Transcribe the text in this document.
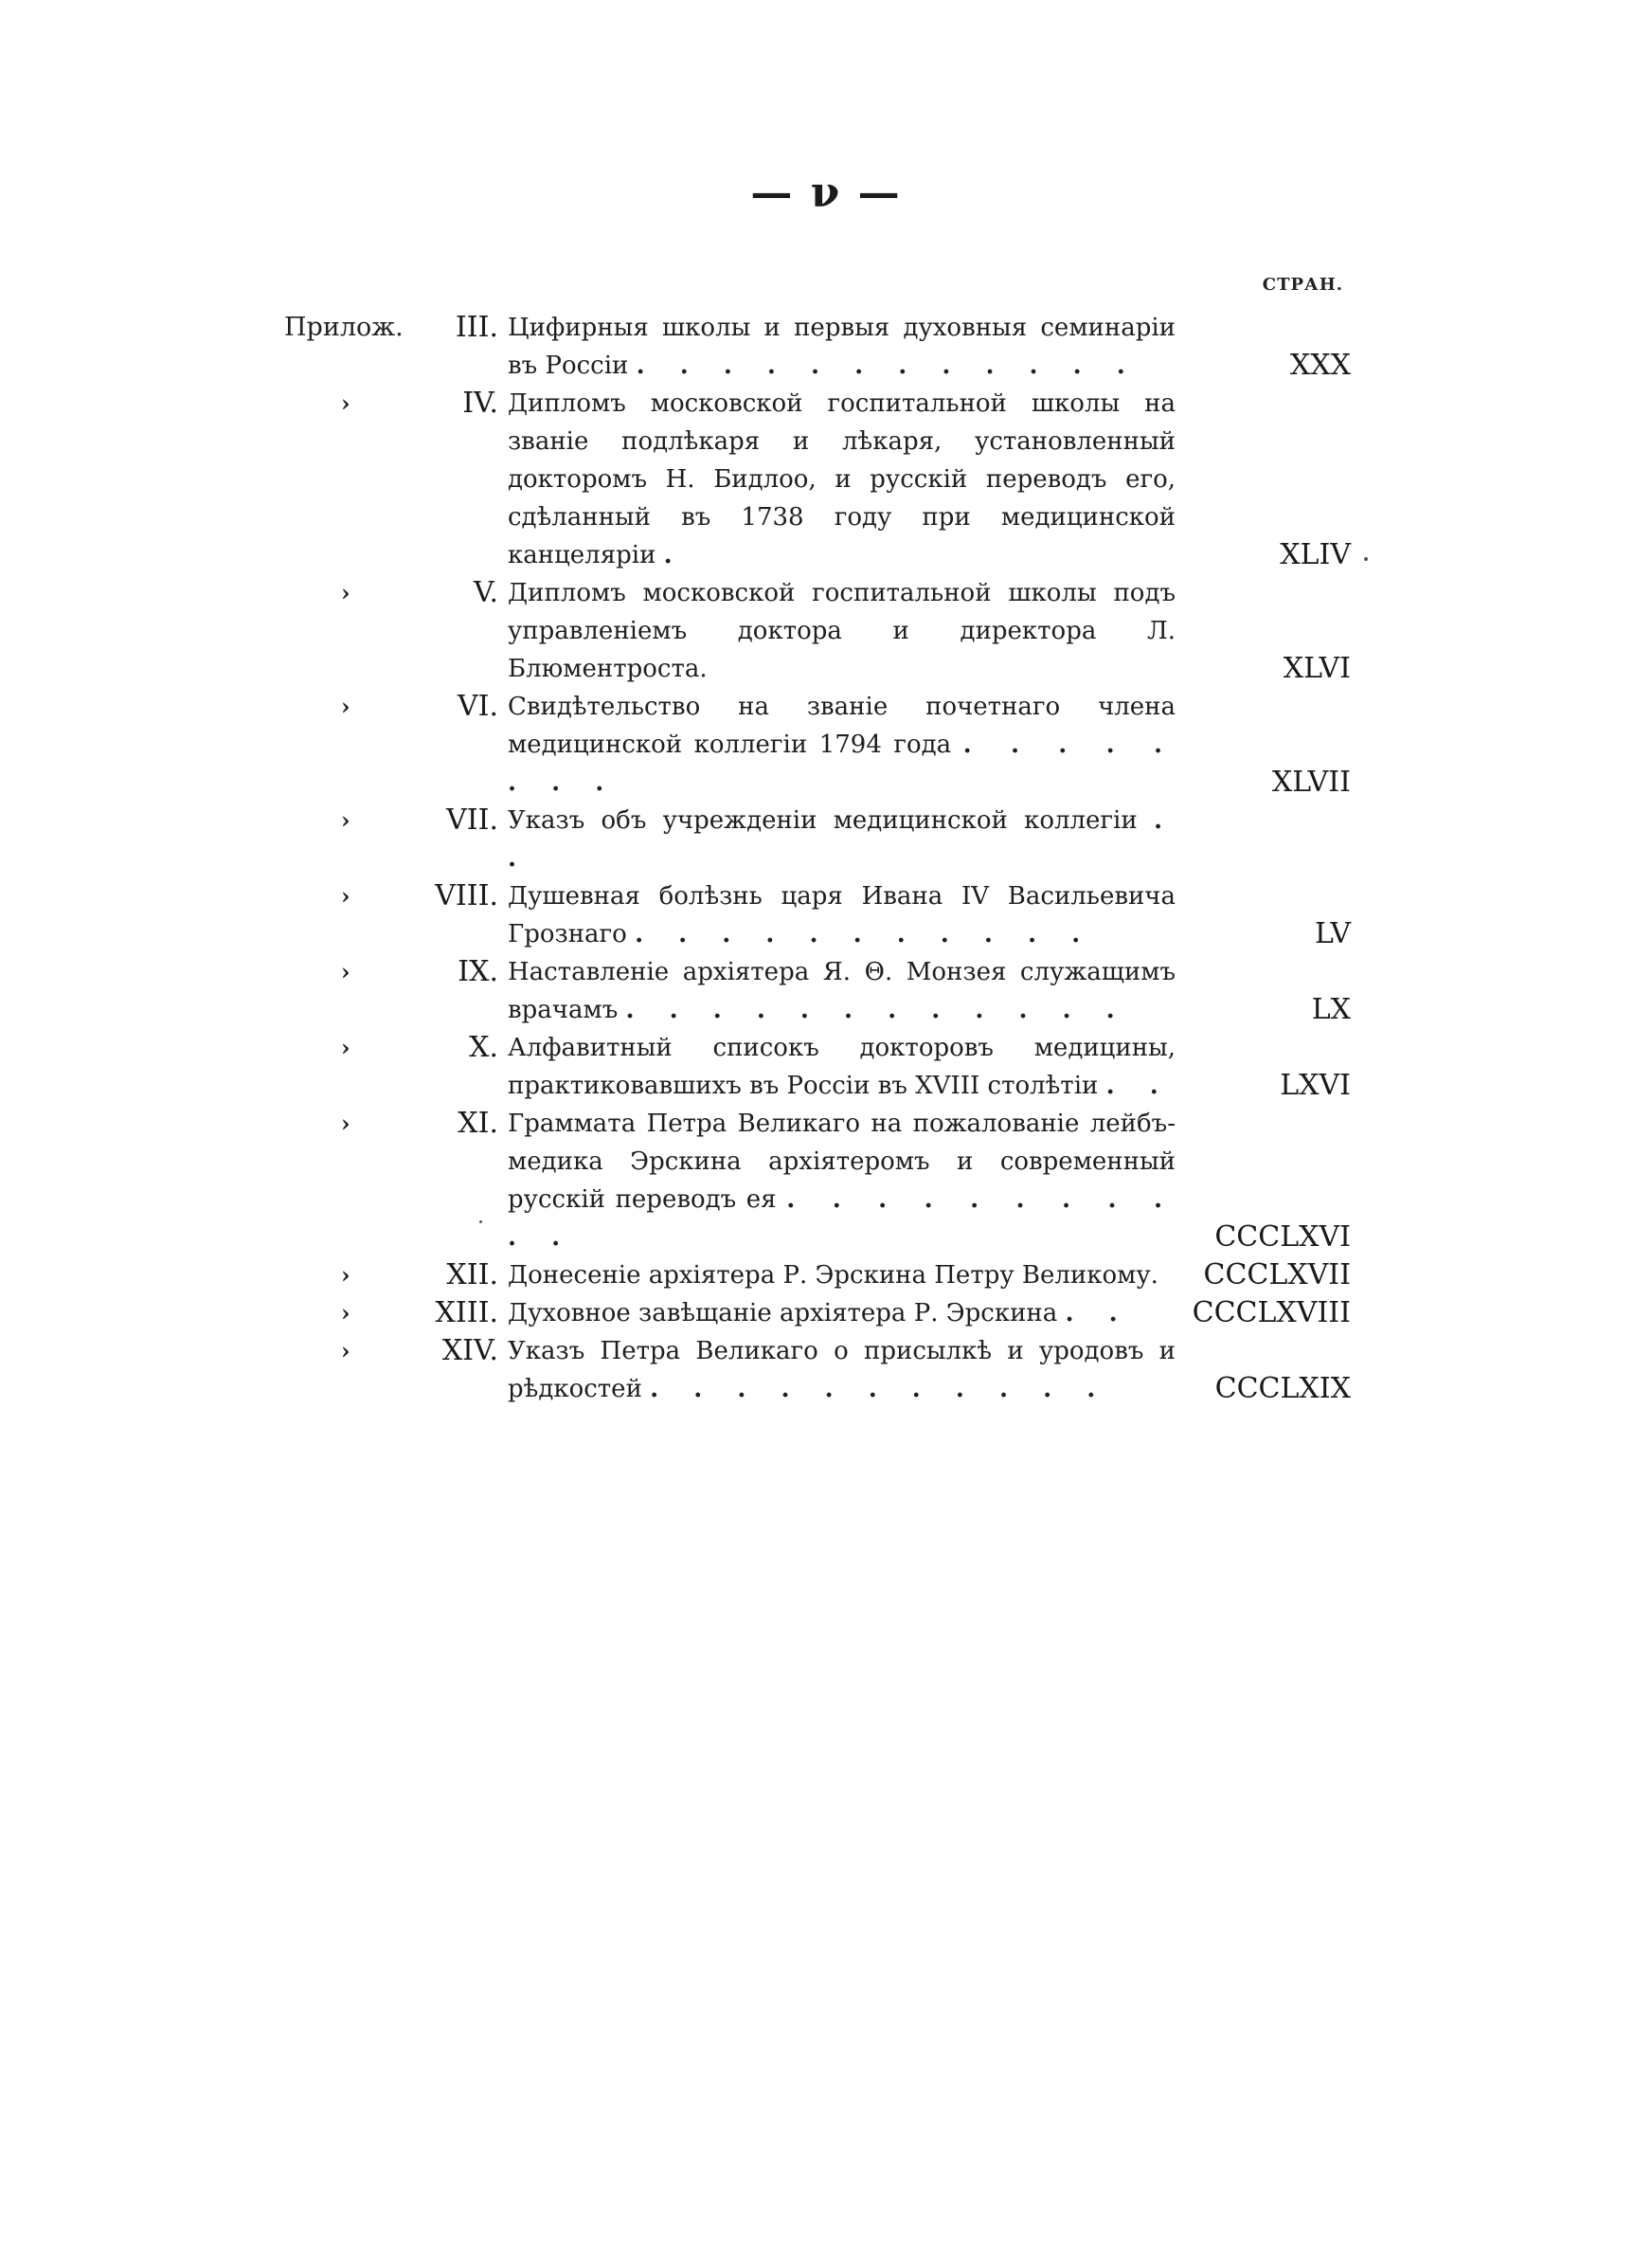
— ν —
СТРАН.
Прилож.	III. Цифирныя школы и первыя духовныя семинаріи въ Россіи . . . . . . . . . . . .	XXX
›	IV. Дипломъ московской госпитальной школы на званіе подлѣкаря и лѣкаря, установленный докторомъ Н. Бидлоо, и русскій переводъ его, сдѣланный въ 1738 году при медицинской канцеляріи .	XLIV
›	V. Дипломъ московской госпитальной школы подъ управленіемъ доктора и директора Л. Блюментроста.	XLVI
›	VI. Свидѣтельство на званіе почетнаго члена медицинской коллегіи 1794 года . . . . . . . .	XLVII
›	VII. Указъ объ учрежденіи медицинской коллегіи . .
›	VIII. Душевная болѣзнь царя Ивана IV Васильевича Грознаго . . . . . . . . . . .	LV
›	IX. Наставленіе архіятера Я. Θ. Монзея служащимъ врачамъ . . . . . . . . . . . .	LX
›	X. Алфавитный списокъ докторовъ медицины, практиковавшихъ въ Россіи въ XVIII столѣтіи . .	LXVI
›	XI. Граммата Петра Великаго на пожалованіе лейбъ-медика Эрскина архіятеромъ и современный русскій переводъ ея . . . . . . . . . . .	CCCLXVI
›	XII. Донесеніе архіятера Р. Эрскина Петру Великому.	CCCLXVII
›	XIII. Духовное завѣщаніе архіятера Р. Эрскина . .	CCCLXVIII
›	XIV. Указъ Петра Великаго о присылкѣ и уродовъ и рѣдкостей . . . . . . . . . . .	CCCLXIX
